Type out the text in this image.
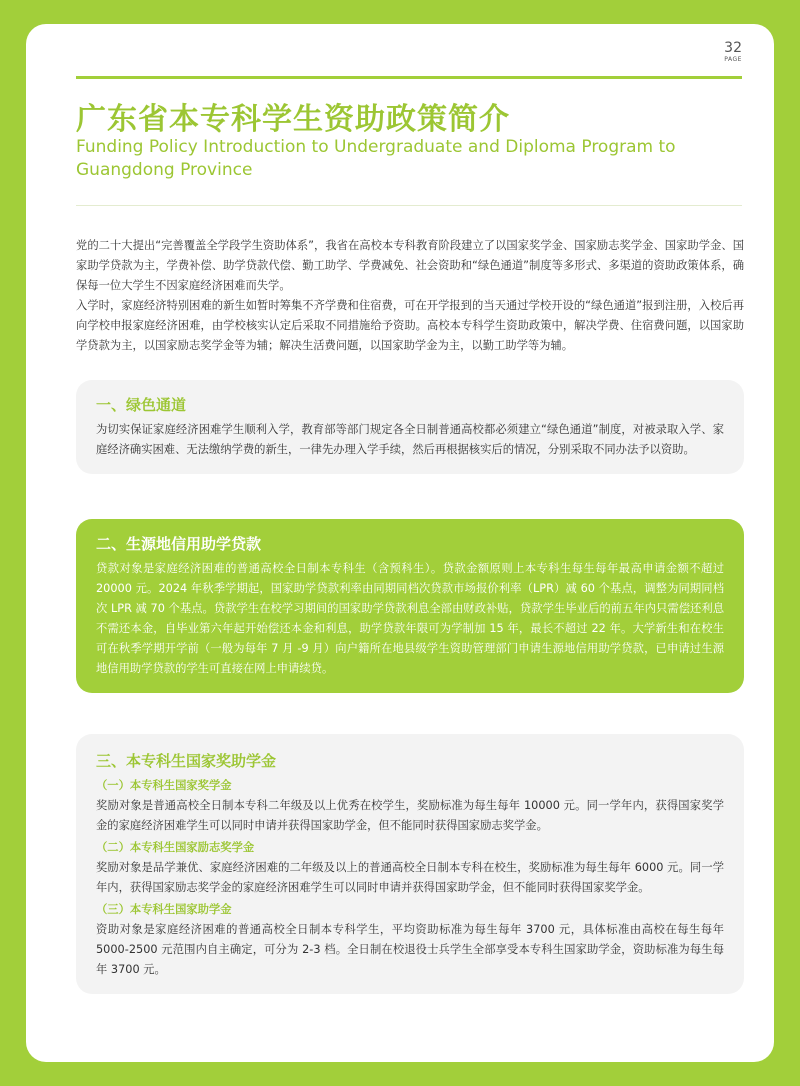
32
PAGE
广东省本专科学生资助政策简介

Funding Policy Introduction to Undergraduate and Diploma Program to Guangdong Province

党的二十大提出“完善覆盖全学段学生资助体系”，我省在高校本专科教育阶段建立了以国家奖学金、国家励志奖学金、国家助学金、国家助学贷款为主，学费补偿、助学贷款代偿、勤工助学、学费减免、社会资助和“绿色通道”制度等多形式、多渠道的资助政策体系，确保每一位大学生不因家庭经济困难而失学。

入学时，家庭经济特别困难的新生如暂时筹集不齐学费和住宿费，可在开学报到的当天通过学校开设的“绿色通道”报到注册，入校后再向学校申报家庭经济困难，由学校核实认定后采取不同措施给予资助。高校本专科学生资助政策中，解决学费、住宿费问题，以国家助学贷款为主，以国家励志奖学金等为辅；解决生活费问题，以国家助学金为主，以勤工助学等为辅。

一、绿色通道

为切实保证家庭经济困难学生顺利入学，教育部等部门规定各全日制普通高校都必须建立“绿色通道”制度，对被录取入学、家庭经济确实困难、无法缴纳学费的新生，一律先办理入学手续，然后再根据核实后的情况，分别采取不同办法予以资助。

二、生源地信用助学贷款

贷款对象是家庭经济困难的普通高校全日制本专科生（含预科生）。贷款金额原则上本专科生每生每年最高申请金额不超过 20000 元。2024 年秋季学期起，国家助学贷款利率由同期同档次贷款市场报价利率（LPR）减 60 个基点，调整为同期同档次 LPR 减 70 个基点。贷款学生在校学习期间的国家助学贷款利息全部由财政补贴，贷款学生毕业后的前五年内只需偿还利息不需还本金，自毕业第六年起开始偿还本金和利息，助学贷款年限可为学制加 15 年，最长不超过 22 年。大学新生和在校生可在秋季学期开学前（一般为每年 7 月 -9 月）向户籍所在地县级学生资助管理部门申请生源地信用助学贷款，已申请过生源地信用助学贷款的学生可直接在网上申请续贷。

三、本专科生国家奖助学金
（一）本专科生国家奖学金

奖励对象是普通高校全日制本专科二年级及以上优秀在校学生，奖励标准为每生每年 10000 元。同一学年内，获得国家奖学金的家庭经济困难学生可以同时申请并获得国家助学金，但不能同时获得国家励志奖学金。

（二）本专科生国家励志奖学金

奖励对象是品学兼优、家庭经济困难的二年级及以上的普通高校全日制本专科在校生，奖励标准为每生每年 6000 元。同一学年内，获得国家励志奖学金的家庭经济困难学生可以同时申请并获得国家助学金，但不能同时获得国家奖学金。

（三）本专科生国家助学金

资助对象是家庭经济困难的普通高校全日制本专科学生，平均资助标准为每生每年 3700 元，具体标准由高校在每生每年 5000-2500 元范围内自主确定，可分为 2-3 档。全日制在校退役士兵学生全部享受本专科生国家助学金，资助标准为每生每年 3700 元。
